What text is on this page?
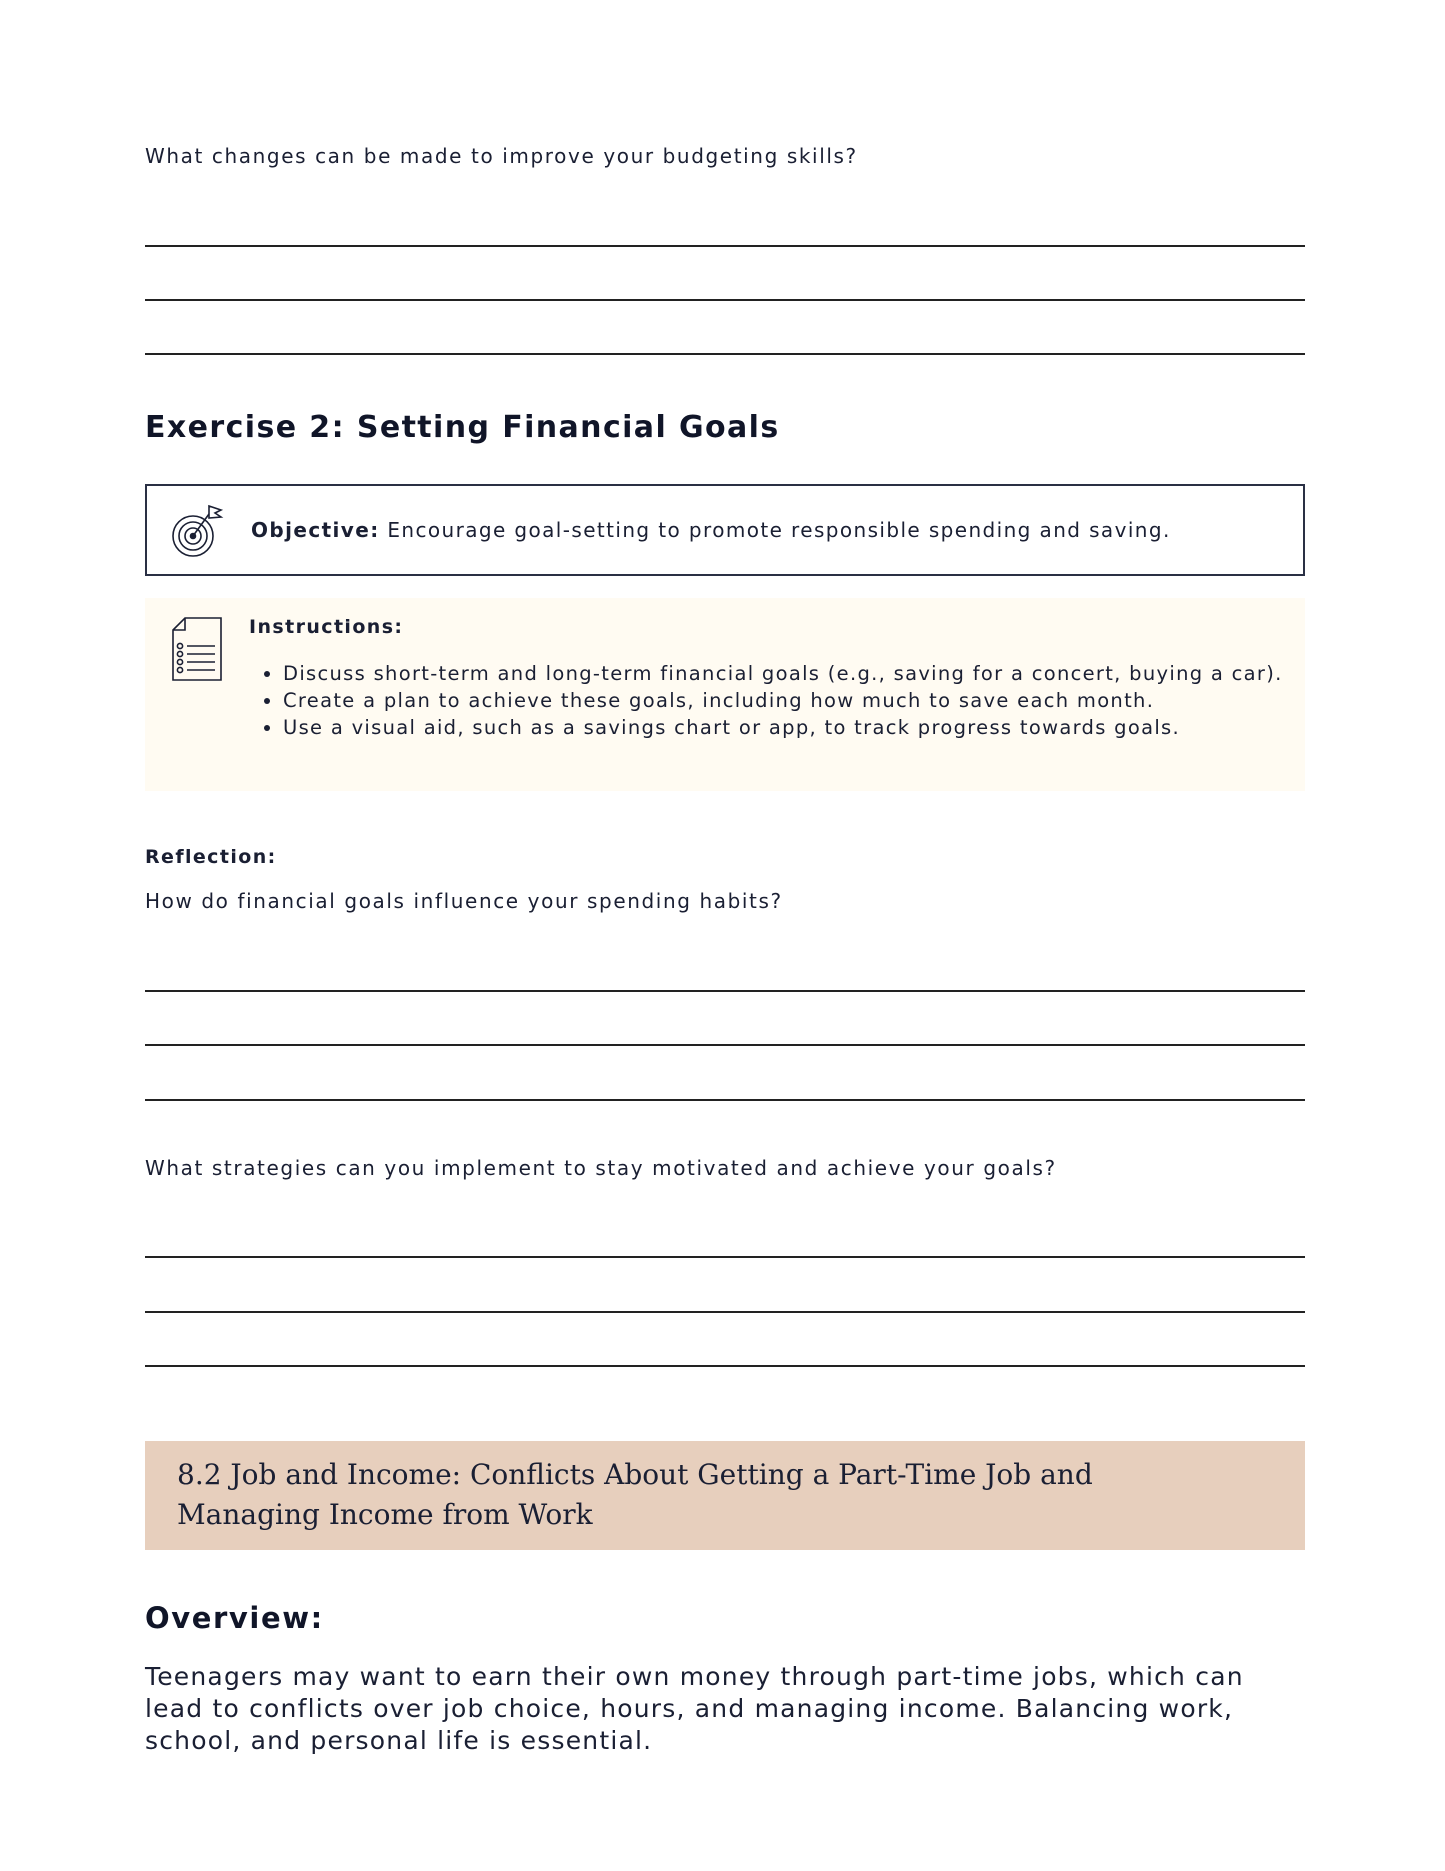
What changes can be made to improve your budgeting skills?
Exercise 2: Setting Financial Goals
Objective: Encourage goal-setting to promote responsible spending and saving.
Instructions:
• Discuss short-term and long-term financial goals (e.g., saving for a concert, buying a car).
• Create a plan to achieve these goals, including how much to save each month.
• Use a visual aid, such as a savings chart or app, to track progress towards goals.
Reflection:
How do financial goals influence your spending habits?
What strategies can you implement to stay motivated and achieve your goals?
8.2 Job and Income: Conflicts About Getting a Part-Time Job and Managing Income from Work
Overview:
Teenagers may want to earn their own money through part-time jobs, which can lead to conflicts over job choice, hours, and managing income. Balancing work, school, and personal life is essential.
